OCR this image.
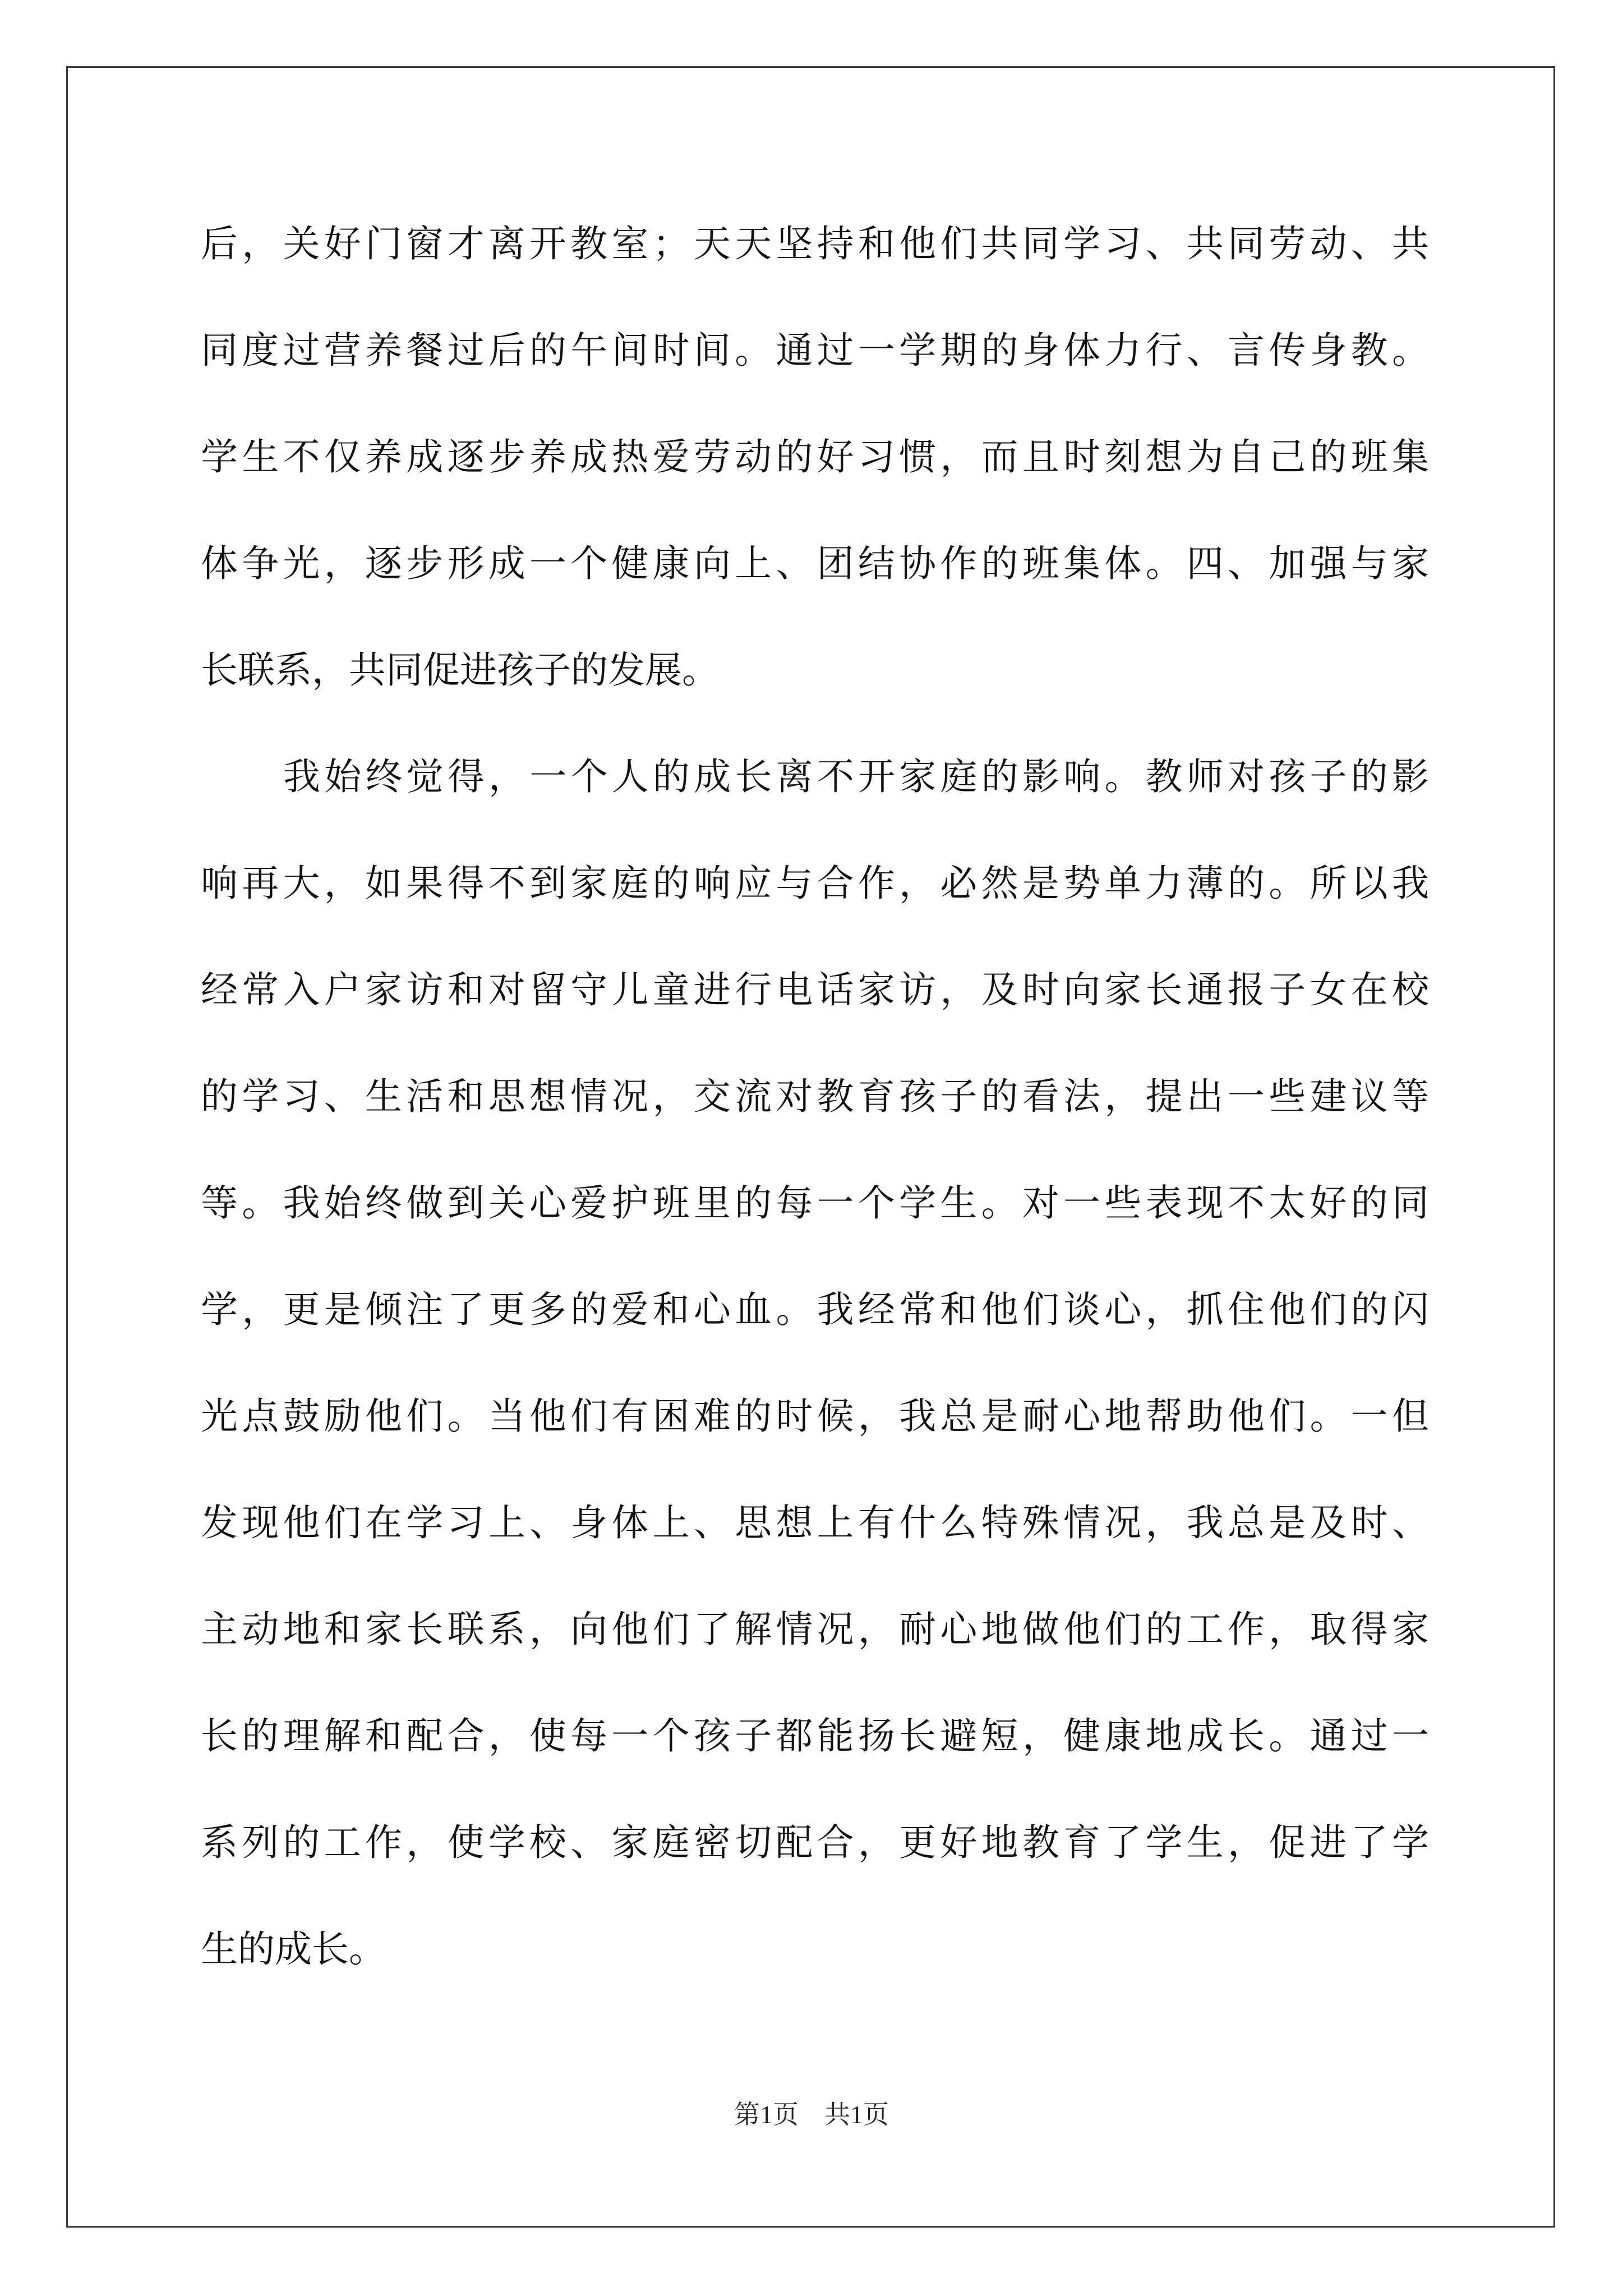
后，关好门窗才离开教室；天天坚持和他们共同学习、共同劳动、共
同度过营养餐过后的午间时间。通过一学期的身体力行、言传身教。
学生不仅养成逐步养成热爱劳动的好习惯，而且时刻想为自己的班集
体争光，逐步形成一个健康向上、团结协作的班集体。四、加强与家
长联系，共同促进孩子的发展。
我始终觉得，一个人的成长离不开家庭的影响。教师对孩子的影
响再大，如果得不到家庭的响应与合作，必然是势单力薄的。所以我
经常入户家访和对留守儿童进行电话家访，及时向家长通报子女在校
的学习、生活和思想情况，交流对教育孩子的看法，提出一些建议等
等。我始终做到关心爱护班里的每一个学生。对一些表现不太好的同
学，更是倾注了更多的爱和心血。我经常和他们谈心，抓住他们的闪
光点鼓励他们。当他们有困难的时候，我总是耐心地帮助他们。一但
发现他们在学习上、身体上、思想上有什么特殊情况，我总是及时、
主动地和家长联系，向他们了解情况，耐心地做他们的工作，取得家
长的理解和配合，使每一个孩子都能扬长避短，健康地成长。通过一
系列的工作，使学校、家庭密切配合，更好地教育了学生，促进了学
生的成长。
第1页　共1页
